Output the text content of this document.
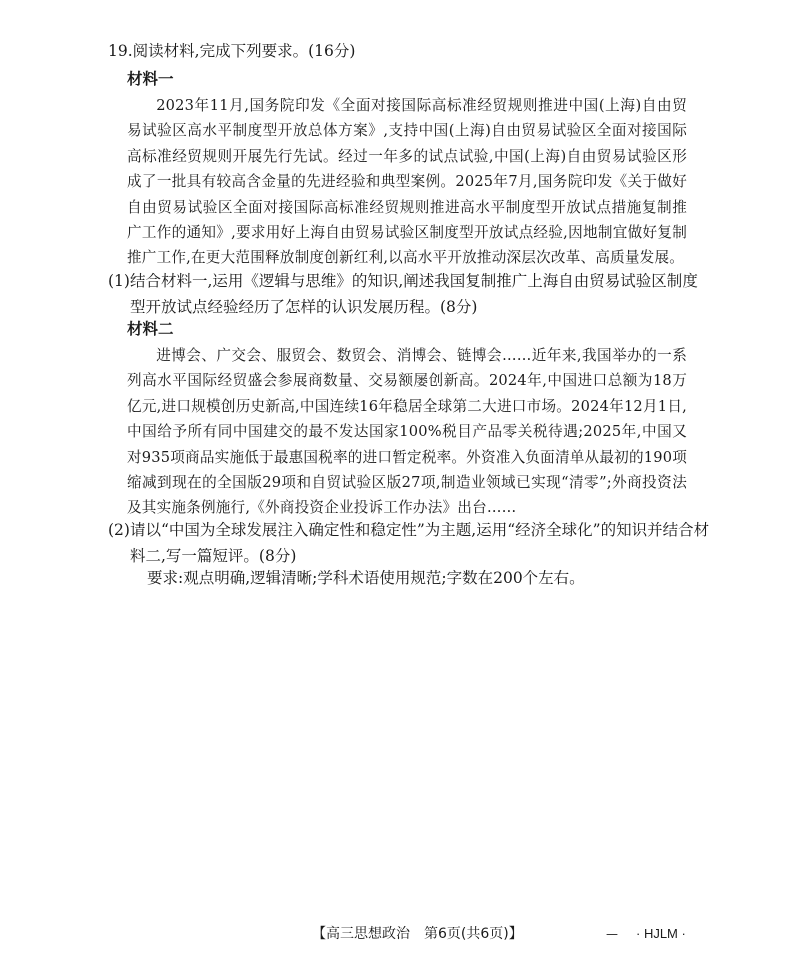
19.阅读材料,完成下列要求。(16分)
材料一

2023年11月,国务院印发《全面对接国际高标准经贸规则推进中国(上海)自由贸易试验区高水平制度型开放总体方案》,支持中国(上海)自由贸易试验区全面对接国际高标准经贸规则开展先行先试。经过一年多的试点试验,中国(上海)自由贸易试验区形成了一批具有较高含金量的先进经验和典型案例。2025年7月,国务院印发《关于做好自由贸易试验区全面对接国际高标准经贸规则推进高水平制度型开放试点措施复制推广工作的通知》,要求用好上海自由贸易试验区制度型开放试点经验,因地制宜做好复制推广工作,在更大范围释放制度创新红利,以高水平开放推动深层次改革、高质量发展。

(1)结合材料一,运用《逻辑与思维》的知识,阐述我国复制推广上海自由贸易试验区制度型开放试点经验经历了怎样的认识发展历程。(8分)

材料二

进博会、广交会、服贸会、数贸会、消博会、链博会……近年来,我国举办的一系列高水平国际经贸盛会参展商数量、交易额屡创新高。2024年,中国进口总额为18万亿元,进口规模创历史新高,中国连续16年稳居全球第二大进口市场。2024年12月1日,中国给予所有同中国建交的最不发达国家100%税目产品零关税待遇;2025年,中国又对935项商品实施低于最惠国税率的进口暂定税率。外资准入负面清单从最初的190项缩减到现在的全国版29项和自贸试验区版27项,制造业领域已实现“清零”;外商投资法及其实施条例施行,《外商投资企业投诉工作办法》出台……

(2)请以“中国为全球发展注入确定性和稳定性”为主题,运用“经济全球化”的知识并结合材料二,写一篇短评。(8分)

要求:观点明确,逻辑清晰;学科术语使用规范;字数在200个左右。

【高三思想政治　第6页(共6页)】	— · HJLM ·
